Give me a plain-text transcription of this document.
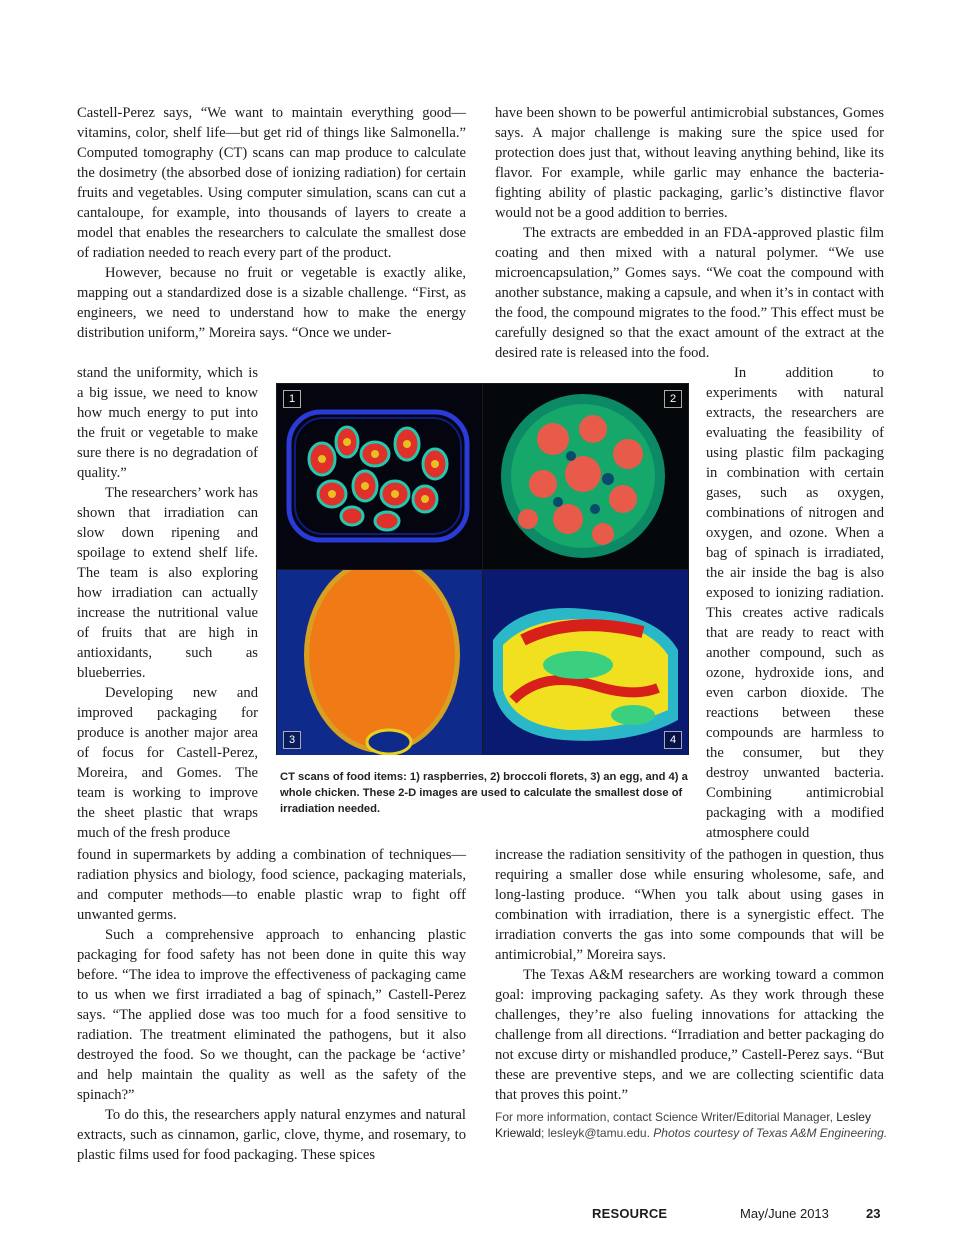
Castell-Perez says, “We want to maintain everything good—vitamins, color, shelf life—but get rid of things like Salmonella.” Computed tomography (CT) scans can map produce to calculate the dosimetry (the absorbed dose of ionizing radiation) for certain fruits and vegetables. Using computer simulation, scans can cut a cantaloupe, for example, into thousands of layers to create a model that enables the researchers to calculate the smallest dose of radiation needed to reach every part of the product.

However, because no fruit or vegetable is exactly alike, mapping out a standardized dose is a sizable challenge. “First, as engineers, we need to understand how to make the energy distribution uniform,” Moreira says. “Once we under-

stand the uniformity, which is a big issue, we need to know how much energy to put into the fruit or vegetable to make sure there is no degradation of quality.”

The researchers’ work has shown that irradiation can slow down ripening and spoilage to extend shelf life. The team is also exploring how irradiation can actually increase the nutritional value of fruits that are high in antioxidants, such as blueberries.

Developing new and improved packaging for produce is another major area of focus for Castell-Perez, Moreira, and Gomes. The team is working to improve the sheet plastic that wraps much of the fresh produce

found in supermarkets by adding a combination of techniques—radiation physics and biology, food science, packaging materials, and computer methods—to enable plastic wrap to fight off unwanted germs.

Such a comprehensive approach to enhancing plastic packaging for food safety has not been done in quite this way before. “The idea to improve the effectiveness of packaging came to us when we first irradiated a bag of spinach,” Castell-Perez says. “The applied dose was too much for a food sensitive to radiation. The treatment eliminated the pathogens, but it also destroyed the food. So we thought, can the package be ‘active’ and help maintain the quality as well as the safety of the spinach?”

To do this, the researchers apply natural enzymes and natural extracts, such as cinnamon, garlic, clove, thyme, and rosemary, to plastic films used for food packaging. These spices

have been shown to be powerful antimicrobial substances, Gomes says. A major challenge is making sure the spice used for protection does just that, without leaving anything behind, like its flavor. For example, while garlic may enhance the bacteria-fighting ability of plastic packaging, garlic’s distinctive flavor would not be a good addition to berries.

The extracts are embedded in an FDA-approved plastic film coating and then mixed with a natural polymer. “We use microencapsulation,” Gomes says. “We coat the compound with another substance, making a capsule, and when it’s in contact with the food, the compound migrates to the food.” This effect must be carefully designed so that the exact amount of the extract at the desired rate is released into the food.

In addition to experiments with natural extracts, the researchers are evaluating the feasibility of using plastic film packaging in combination with certain gases, such as oxygen, combinations of nitrogen and oxygen, and ozone. When a bag of spinach is irradiated, the air inside the bag is also exposed to ionizing radiation. This creates active radicals that are ready to react with another compound, such as ozone, hydroxide ions, and even carbon dioxide. The reactions between these compounds are harmless to the consumer, but they destroy unwanted bacteria. Combining antimicrobial packaging with a modified atmosphere could

increase the radiation sensitivity of the pathogen in question, thus requiring a smaller dose while ensuring wholesome, safe, and long-lasting produce. “When you talk about using gases in combination with irradiation, there is a synergistic effect. The irradiation converts the gas into some compounds that will be antimicrobial,” Moreira says.

The Texas A&M researchers are working toward a common goal: improving packaging safety. As they work through these challenges, they’re also fueling innovations for attacking the challenge from all directions. “Irradiation and better packaging do not excuse dirty or mishandled produce,” Castell-Perez says. “But these are preventive steps, and we are collecting scientific data that proves this point.”

1	2
3	4

CT scans of food items: 1) raspberries, 2) broccoli florets, 3) an egg, and 4) a whole chicken. These 2-D images are used to calculate the smallest dose of irradiation needed.

For more information, contact Science Writer/Editorial Manager, Lesley Kriewald; lesleyk@tamu.edu. Photos courtesy of Texas A&M Engineering.

RESOURCE	May/June 2013	23
